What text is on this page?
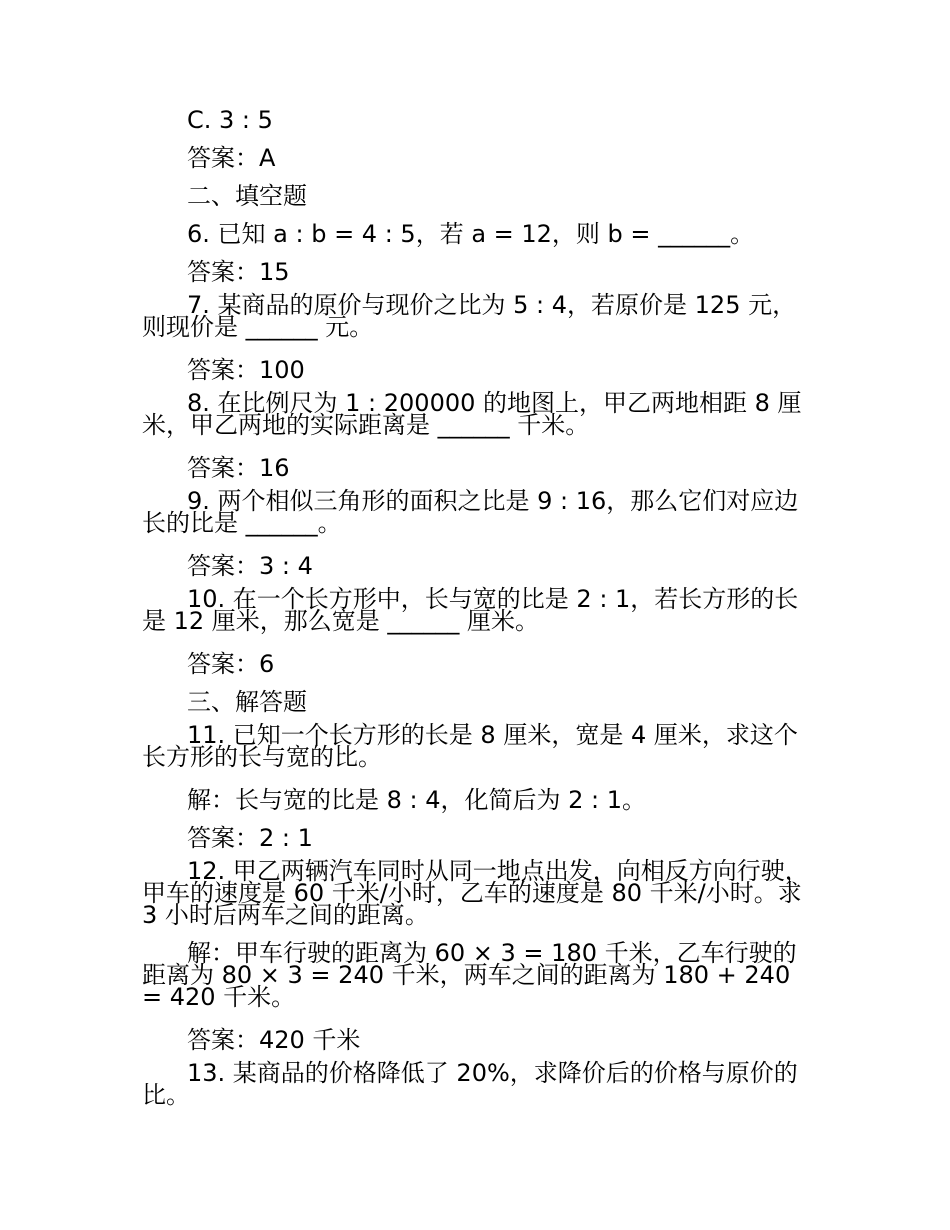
C. 3 : 5

答案：A

二、填空题

6. 已知 a : b = 4 : 5，若 a = 12，则 b = ______。

答案：15

7. 某商品的原价与现价之比为 5 : 4，若原价是 125 元，则现价是 ______ 元。

答案：100

8. 在比例尺为 1 : 200000 的地图上，甲乙两地相距 8 厘米，甲乙两地的实际距离是 ______ 千米。

答案：16

9. 两个相似三角形的面积之比是 9 : 16，那么它们对应边长的比是 ______。

答案：3 : 4

10. 在一个长方形中，长与宽的比是 2 : 1，若长方形的长是 12 厘米，那么宽是 ______ 厘米。

答案：6

三、解答题

11. 已知一个长方形的长是 8 厘米，宽是 4 厘米，求这个长方形的长与宽的比。

解：长与宽的比是 8 : 4，化简后为 2 : 1。

答案：2 : 1

12. 甲乙两辆汽车同时从同一地点出发，向相反方向行驶，甲车的速度是 60 千米/小时，乙车的速度是 80 千米/小时。求 3 小时后两车之间的距离。

解：甲车行驶的距离为 60 × 3 = 180 千米，乙车行驶的距离为 80 × 3 = 240 千米，两车之间的距离为 180 + 240 = 420 千米。

答案：420 千米

13. 某商品的价格降低了 20%，求降价后的价格与原价的比。
